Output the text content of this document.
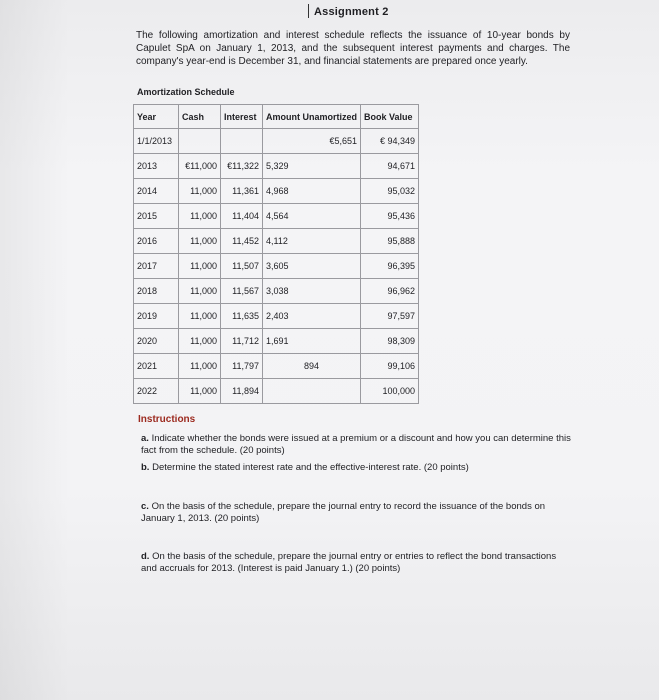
Assignment 2
The following amortization and interest schedule reflects the issuance of 10-year bonds by Capulet SpA on January 1, 2013, and the subsequent interest payments and charges. The company's year-end is December 31, and financial statements are prepared once yearly.
Amortization Schedule
Year	Cash	Interest	Amount Unamortized	Book Value
1/1/2013			€5,651	€ 94,349
2013	€11,000	€11,322	5,329	94,671
2014	11,000	11,361	4,968	95,032
2015	11,000	11,404	4,564	95,436
2016	11,000	11,452	4,112	95,888
2017	11,000	11,507	3,605	96,395
2018	11,000	11,567	3,038	96,962
2019	11,000	11,635	2,403	97,597
2020	11,000	11,712	1,691	98,309
2021	11,000	11,797	894	99,106
2022	11,000	11,894		100,000
Instructions
a. Indicate whether the bonds were issued at a premium or a discount and how you can determine this fact from the schedule. (20 points)
b. Determine the stated interest rate and the effective-interest rate. (20 points)
c. On the basis of the schedule, prepare the journal entry to record the issuance of the bonds on January 1, 2013. (20 points)
d. On the basis of the schedule, prepare the journal entry or entries to reflect the bond transactions and accruals for 2013. (Interest is paid January 1.) (20 points)
